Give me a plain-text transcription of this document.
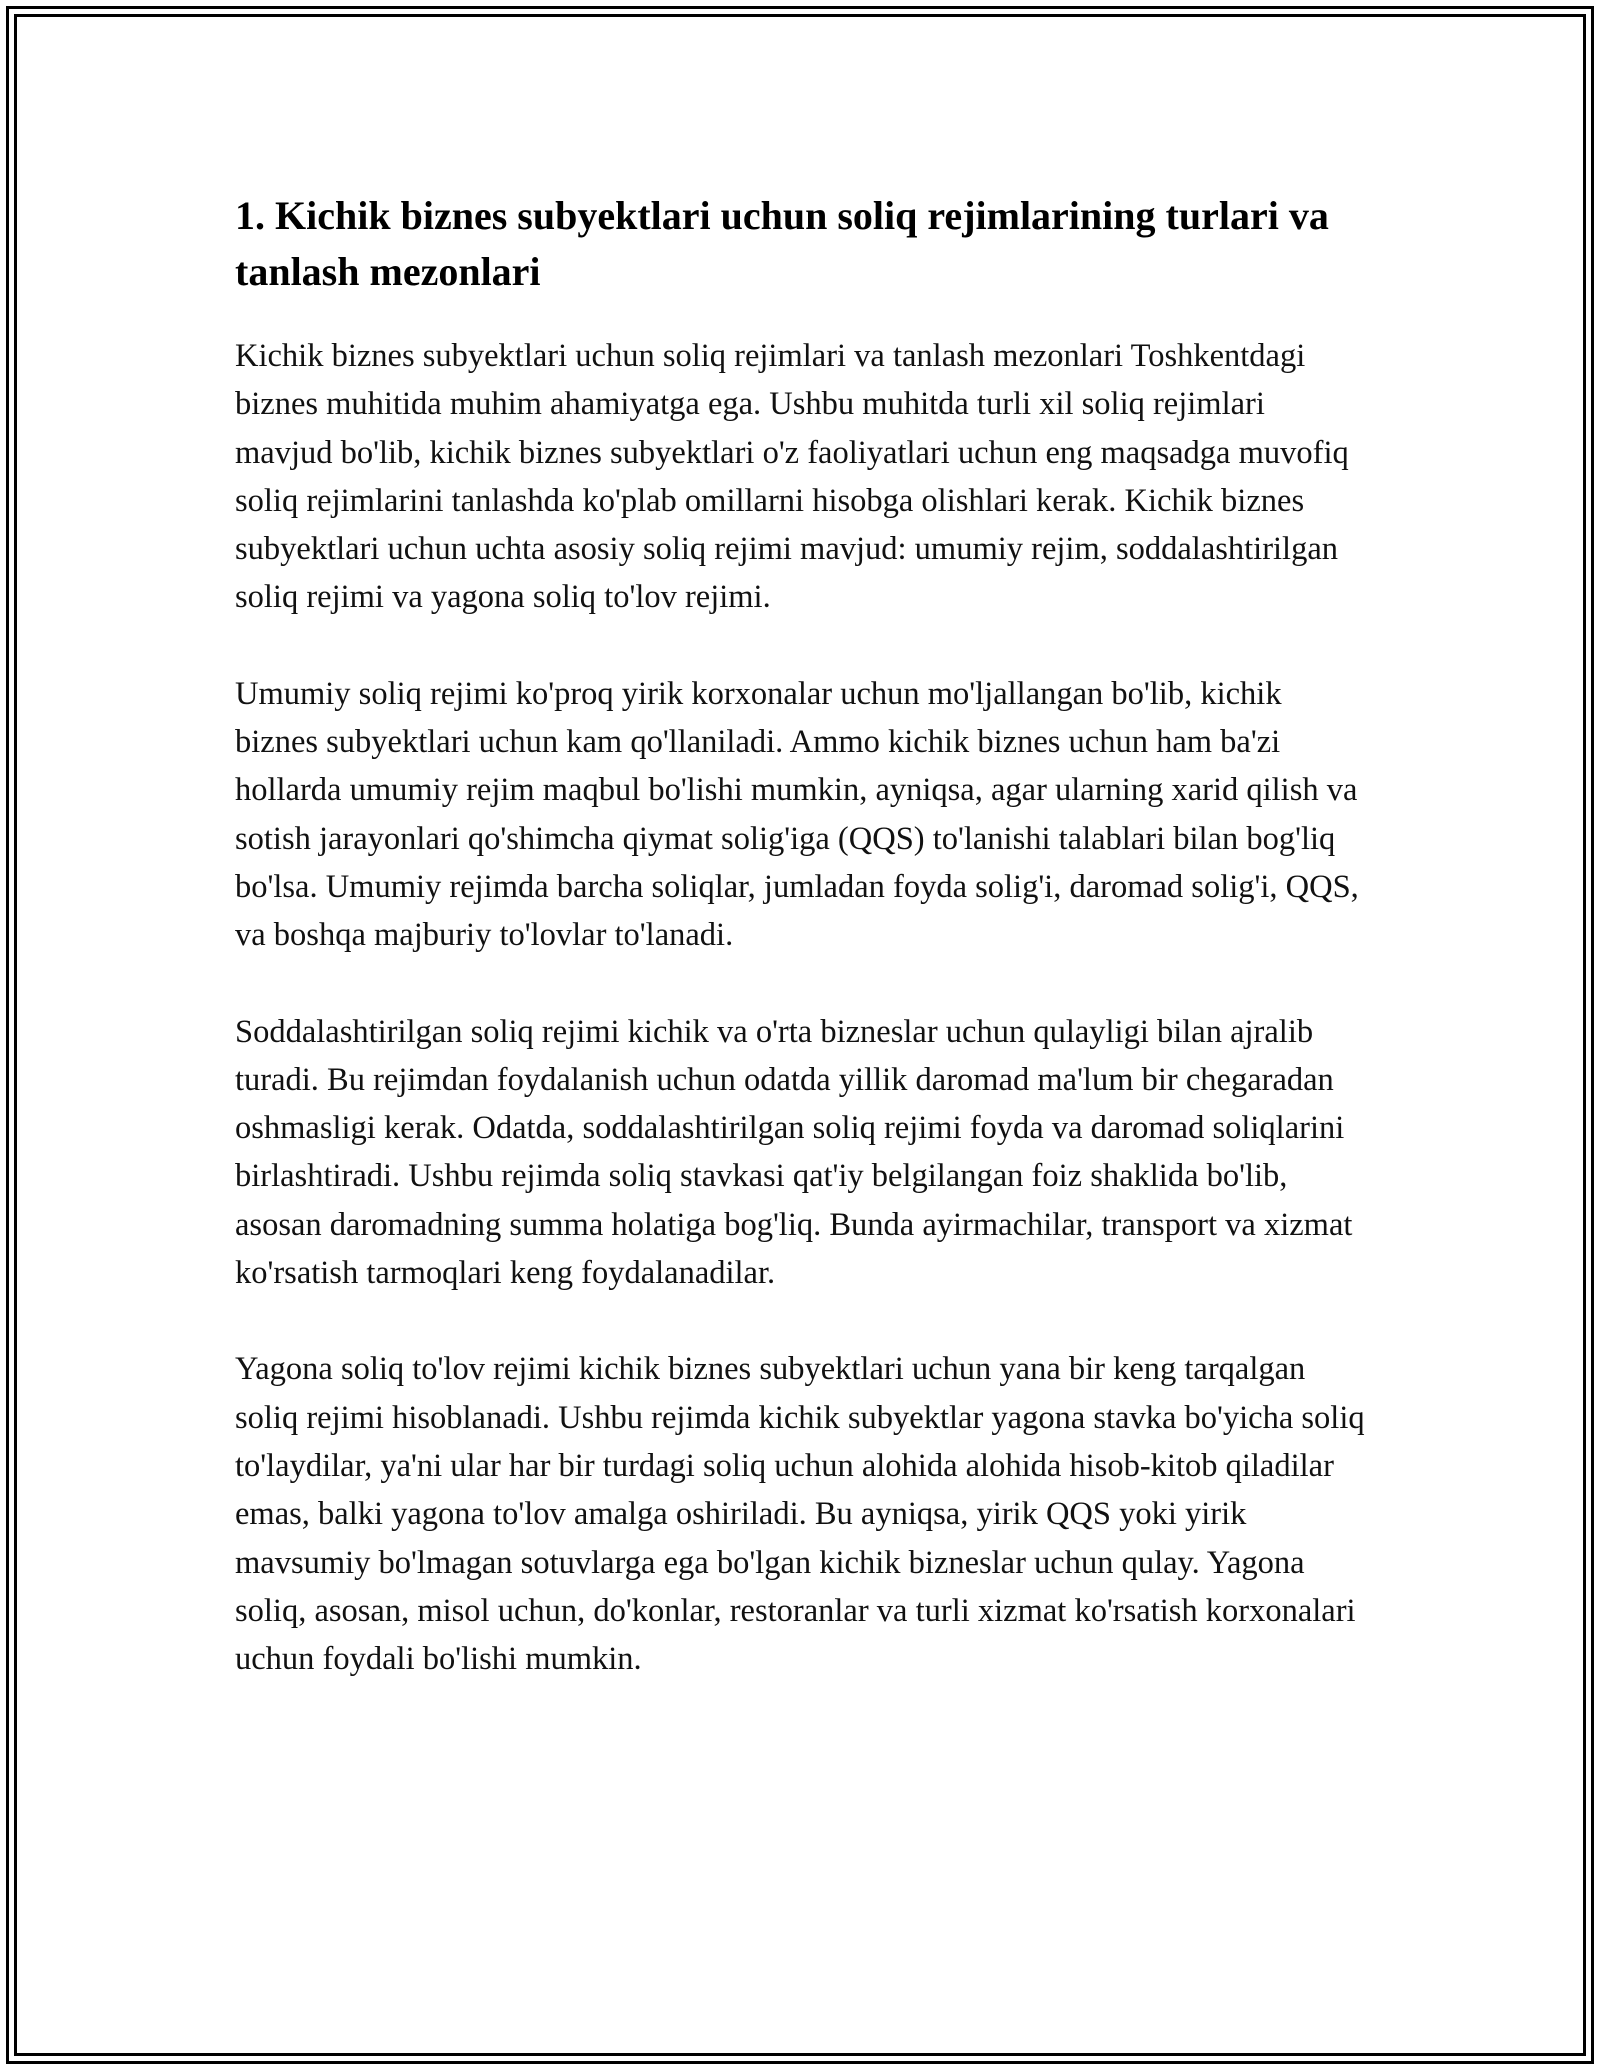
1. Kichik biznes subyektlari uchun soliq rejimlarining turlari va tanlash mezonlari

Kichik biznes subyektlari uchun soliq rejimlari va tanlash mezonlari Toshkentdagi biznes muhitida muhim ahamiyatga ega. Ushbu muhitda turli xil soliq rejimlari mavjud bo'lib, kichik biznes subyektlari o'z faoliyatlari uchun eng maqsadga muvofiq soliq rejimlarini tanlashda ko'plab omillarni hisobga olishlari kerak. Kichik biznes subyektlari uchun uchta asosiy soliq rejimi mavjud: umumiy rejim, soddalashtirilgan soliq rejimi va yagona soliq to'lov rejimi.

Umumiy soliq rejimi ko'proq yirik korxonalar uchun mo'ljallangan bo'lib, kichik biznes subyektlari uchun kam qo'llaniladi. Ammo kichik biznes uchun ham ba'zi hollarda umumiy rejim maqbul bo'lishi mumkin, ayniqsa, agar ularning xarid qilish va sotish jarayonlari qo'shimcha qiymat solig'iga (QQS) to'lanishi talablari bilan bog'liq bo'lsa. Umumiy rejimda barcha soliqlar, jumladan foyda solig'i, daromad solig'i, QQS, va boshqa majburiy to'lovlar to'lanadi.

Soddalashtirilgan soliq rejimi kichik va o'rta bizneslar uchun qulayligi bilan ajralib turadi. Bu rejimdan foydalanish uchun odatda yillik daromad ma'lum bir chegaradan oshmasligi kerak. Odatda, soddalashtirilgan soliq rejimi foyda va daromad soliqlarini birlashtiradi. Ushbu rejimda soliq stavkasi qat'iy belgilangan foiz shaklida bo'lib, asosan daromadning summa holatiga bog'liq. Bunda ayirmachilar, transport va xizmat ko'rsatish tarmoqlari keng foydalanadilar.

Yagona soliq to'lov rejimi kichik biznes subyektlari uchun yana bir keng tarqalgan soliq rejimi hisoblanadi. Ushbu rejimda kichik subyektlar yagona stavka bo'yicha soliq to'laydilar, ya'ni ular har bir turdagi soliq uchun alohida alohida hisob-kitob qiladilar emas, balki yagona to'lov amalga oshiriladi. Bu ayniqsa, yirik QQS yoki yirik mavsumiy bo'lmagan sotuvlarga ega bo'lgan kichik bizneslar uchun qulay. Yagona soliq, asosan, misol uchun, do'konlar, restoranlar va turli xizmat ko'rsatish korxonalari uchun foydali bo'lishi mumkin.
